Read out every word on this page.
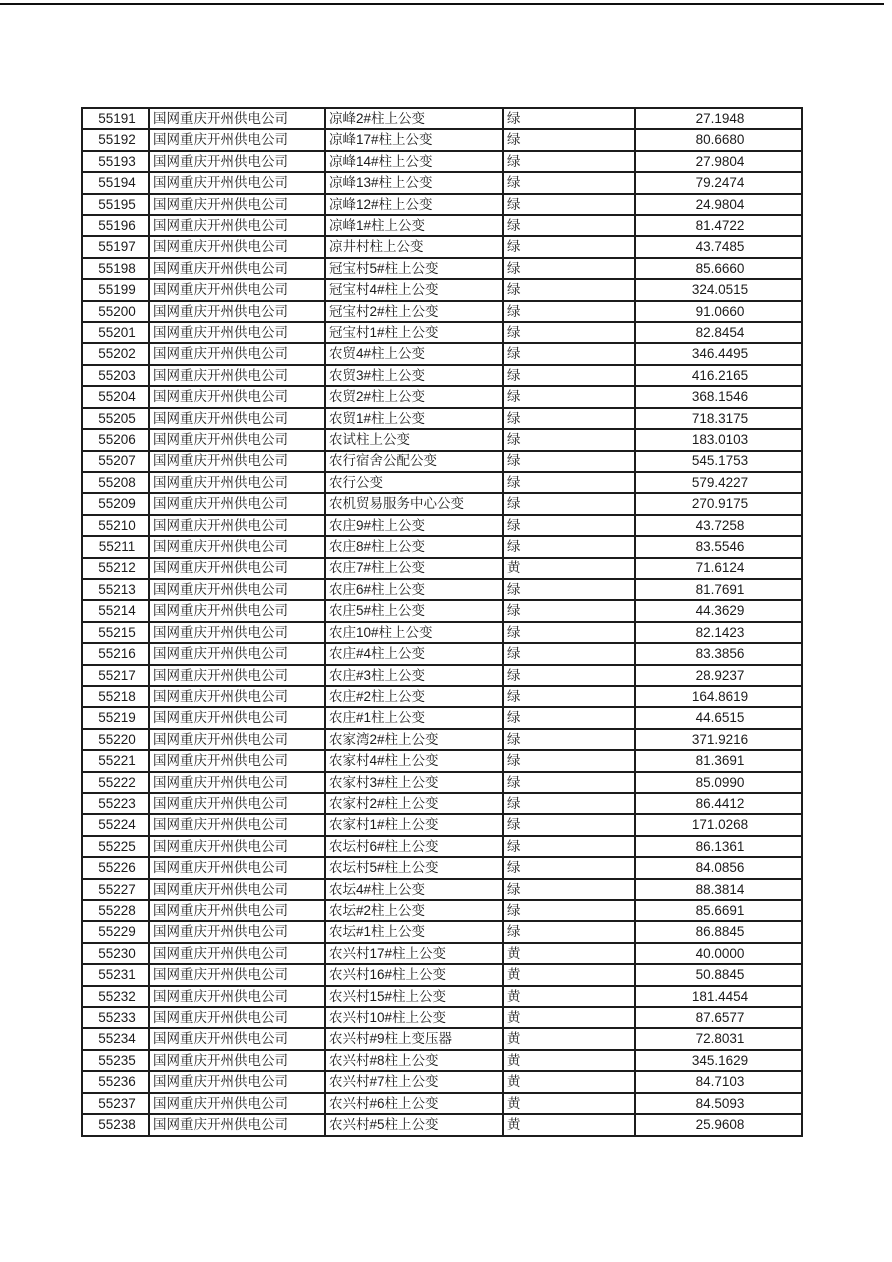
55191	国网重庆开州供电公司	凉峰2#柱上公变	绿	27.1948
55192	国网重庆开州供电公司	凉峰17#柱上公变	绿	80.6680
55193	国网重庆开州供电公司	凉峰14#柱上公变	绿	27.9804
55194	国网重庆开州供电公司	凉峰13#柱上公变	绿	79.2474
55195	国网重庆开州供电公司	凉峰12#柱上公变	绿	24.9804
55196	国网重庆开州供电公司	凉峰1#柱上公变	绿	81.4722
55197	国网重庆开州供电公司	凉井村柱上公变	绿	43.7485
55198	国网重庆开州供电公司	冠宝村5#柱上公变	绿	85.6660
55199	国网重庆开州供电公司	冠宝村4#柱上公变	绿	324.0515
55200	国网重庆开州供电公司	冠宝村2#柱上公变	绿	91.0660
55201	国网重庆开州供电公司	冠宝村1#柱上公变	绿	82.8454
55202	国网重庆开州供电公司	农贸4#柱上公变	绿	346.4495
55203	国网重庆开州供电公司	农贸3#柱上公变	绿	416.2165
55204	国网重庆开州供电公司	农贸2#柱上公变	绿	368.1546
55205	国网重庆开州供电公司	农贸1#柱上公变	绿	718.3175
55206	国网重庆开州供电公司	农试柱上公变	绿	183.0103
55207	国网重庆开州供电公司	农行宿舍公配公变	绿	545.1753
55208	国网重庆开州供电公司	农行公变	绿	579.4227
55209	国网重庆开州供电公司	农机贸易服务中心公变	绿	270.9175
55210	国网重庆开州供电公司	农庄9#柱上公变	绿	43.7258
55211	国网重庆开州供电公司	农庄8#柱上公变	绿	83.5546
55212	国网重庆开州供电公司	农庄7#柱上公变	黄	71.6124
55213	国网重庆开州供电公司	农庄6#柱上公变	绿	81.7691
55214	国网重庆开州供电公司	农庄5#柱上公变	绿	44.3629
55215	国网重庆开州供电公司	农庄10#柱上公变	绿	82.1423
55216	国网重庆开州供电公司	农庄#4柱上公变	绿	83.3856
55217	国网重庆开州供电公司	农庄#3柱上公变	绿	28.9237
55218	国网重庆开州供电公司	农庄#2柱上公变	绿	164.8619
55219	国网重庆开州供电公司	农庄#1柱上公变	绿	44.6515
55220	国网重庆开州供电公司	农家湾2#柱上公变	绿	371.9216
55221	国网重庆开州供电公司	农家村4#柱上公变	绿	81.3691
55222	国网重庆开州供电公司	农家村3#柱上公变	绿	85.0990
55223	国网重庆开州供电公司	农家村2#柱上公变	绿	86.4412
55224	国网重庆开州供电公司	农家村1#柱上公变	绿	171.0268
55225	国网重庆开州供电公司	农坛村6#柱上公变	绿	86.1361
55226	国网重庆开州供电公司	农坛村5#柱上公变	绿	84.0856
55227	国网重庆开州供电公司	农坛4#柱上公变	绿	88.3814
55228	国网重庆开州供电公司	农坛#2柱上公变	绿	85.6691
55229	国网重庆开州供电公司	农坛#1柱上公变	绿	86.8845
55230	国网重庆开州供电公司	农兴村17#柱上公变	黄	40.0000
55231	国网重庆开州供电公司	农兴村16#柱上公变	黄	50.8845
55232	国网重庆开州供电公司	农兴村15#柱上公变	黄	181.4454
55233	国网重庆开州供电公司	农兴村10#柱上公变	黄	87.6577
55234	国网重庆开州供电公司	农兴村#9柱上变压器	黄	72.8031
55235	国网重庆开州供电公司	农兴村#8柱上公变	黄	345.1629
55236	国网重庆开州供电公司	农兴村#7柱上公变	黄	84.7103
55237	国网重庆开州供电公司	农兴村#6柱上公变	黄	84.5093
55238	国网重庆开州供电公司	农兴村#5柱上公变	黄	25.9608
